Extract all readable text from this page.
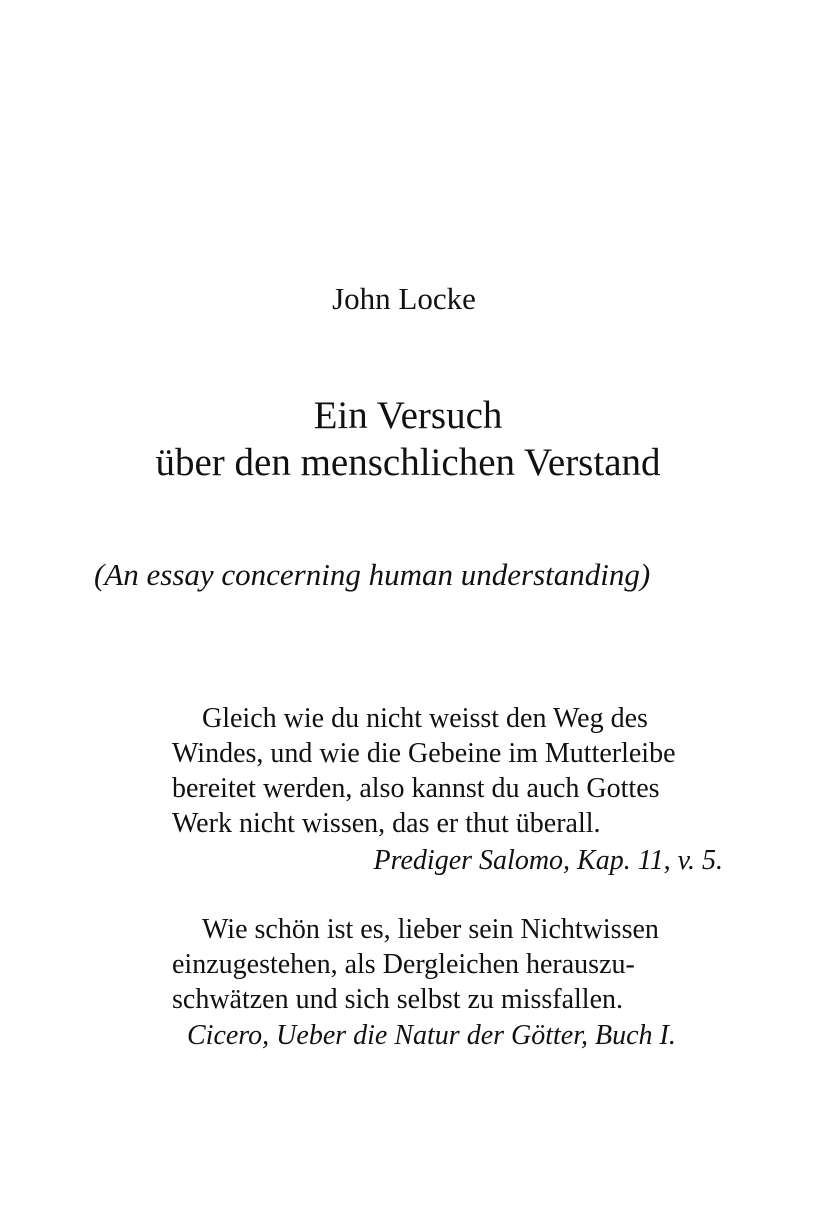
John Locke
Ein Versuch
über den menschlichen Verstand
(An essay concerning human understanding)
Gleich wie du nicht weisst den Weg des
Windes, und wie die Gebeine im Mutterleibe
bereitet werden, also kannst du auch Gottes
Werk nicht wissen, das er thut überall.
Prediger Salomo, Kap. 11, v. 5.
Wie schön ist es, lieber sein Nichtwissen
einzugestehen, als Dergleichen herauszu-
schwätzen und sich selbst zu missfallen.
Cicero, Ueber die Natur der Götter, Buch I.
